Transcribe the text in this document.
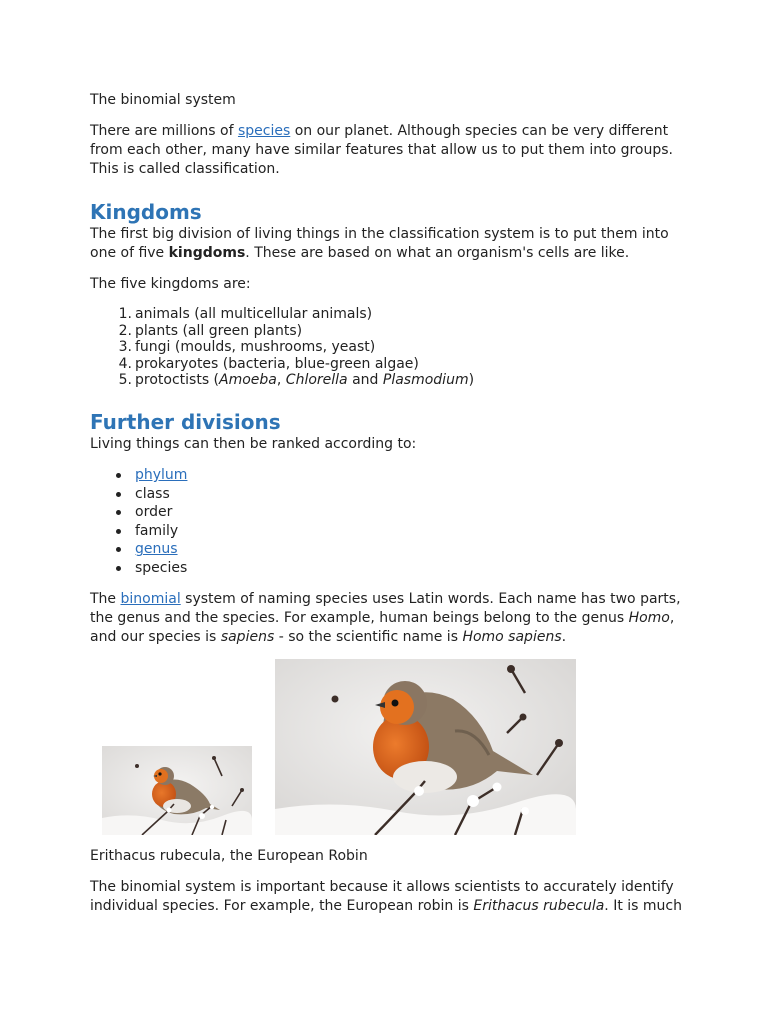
The binomial system

There are millions of species on our planet. Although species can be very different from each other, many have similar features that allow us to put them into groups. This is called classification.

Kingdoms

The first big division of living things in the classification system is to put them into one of five kingdoms. These are based on what an organism's cells are like.

The five kingdoms are:

1. animals (all multicellular animals)
2. plants (all green plants)
3. fungi (moulds, mushrooms, yeast)
4. prokaryotes (bacteria, blue-green algae)
5. protoctists (Amoeba, Chlorella and Plasmodium)
Further divisions

Living things can then be ranked according to:

phylum
class
order
family
genus
species

The binomial system of naming species uses Latin words. Each name has two parts, the genus and the species. For example, human beings belong to the genus Homo, and our species is sapiens - so the scientific name is Homo sapiens.

Erithacus rubecula, the European Robin

The binomial system is important because it allows scientists to accurately identify individual species. For example, the European robin is Erithacus rubecula. It is much
